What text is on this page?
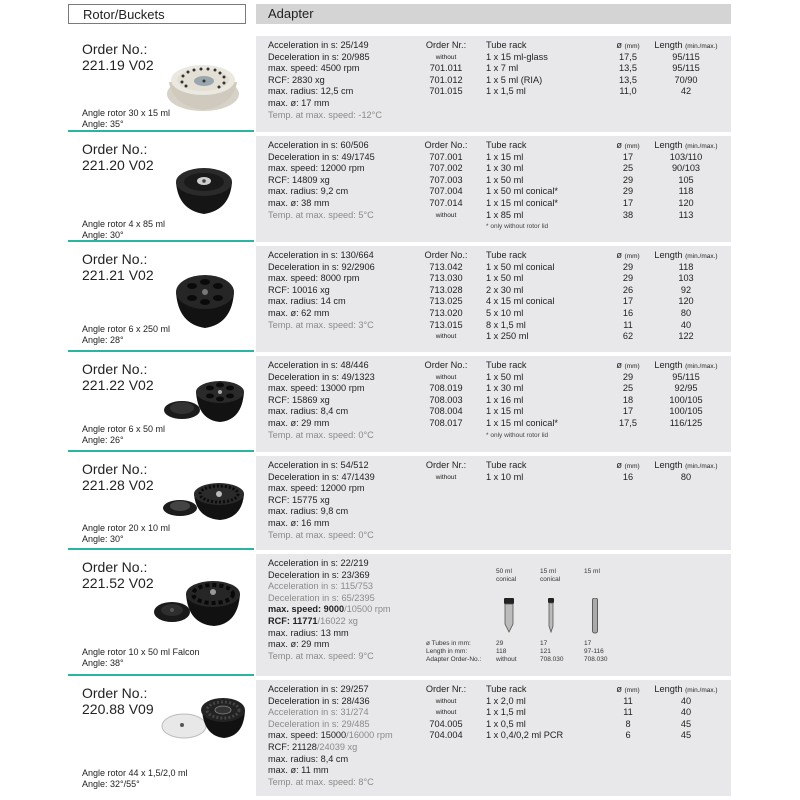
Rotor/Buckets	Adapter
Order No.:
221.19 V02
Angle rotor 30 x 15 ml
Angle: 35°
Acceleration in s: 25/149
Deceleration in s: 20/985
max. speed: 4500 rpm
RCF: 2830 xg
max. radius: 12,5 cm
max. ø: 17 mm
Temp. at max. speed: -12°C
Order Nr.:
without
701.011
701.012
701.015
Tube rack
1 x 15 ml-glass
1 x 7 ml
1 x 5 ml (RIA)
1 x 1,5 ml
ø (mm)
17,5
13,5
13,5
11,0
Length (min./max.)
95/115
95/115
70/90
42
Order No.:
221.20 V02
Angle rotor 4 x 85 ml
Angle: 30°
Acceleration in s: 60/506
Deceleration in s: 49/1745
max. speed: 12000 rpm
RCF: 14809 xg
max. radius: 9,2 cm
max. ø: 38 mm
Temp. at max. speed: 5°C
Order No.:
707.001
707.002
707.003
707.004
707.014
without
Tube rack
1 x 15 ml
1 x 30 ml
1 x 50 ml
1 x 50 ml conical*
1 x 15 ml conical*
1 x 85 ml
* only without rotor lid
ø (mm)
17
25
29
29
17
38
Length (min./max.)
103/110
90/103
105
118
120
113
Order No.:
221.21 V02
Angle rotor 6 x 250 ml
Angle: 28°
Acceleration in s: 130/664
Deceleration in s: 92/2906
max. speed: 8000 rpm
RCF: 10016 xg
max. radius: 14 cm
max. ø: 62 mm
Temp. at max. speed: 3°C
Order No.:
713.042
713.030
713.028
713.025
713.020
713.015
without
Tube rack
1 x 50 ml conical
1 x 50 ml
2 x 30 ml
4 x 15 ml conical
5 x 10 ml
8 x 1,5 ml
1 x 250 ml
ø (mm)
29
29
26
17
16
11
62
Length (min./max.)
118
103
92
120
80
40
122
Order No.:
221.22 V02
Angle rotor 6 x 50 ml
Angle: 26°
Acceleration in s: 48/446
Deceleration in s: 49/1323
max. speed: 13000 rpm
RCF: 15869 xg
max. radius: 8,4 cm
max. ø: 29 mm
Temp. at max. speed: 0°C
Order No.:
without
708.019
708.003
708.004
708.017
Tube rack
1 x 50 ml
1 x 30 ml
1 x 16 ml
1 x 15 ml
1 x 15 ml conical*
* only without rotor lid
ø (mm)
29
25
18
17
17,5
Length (min./max.)
95/115
92/95
100/105
100/105
116/125
Order No.:
221.28 V02
Angle rotor 20 x 10 ml
Angle: 30°
Acceleration in s: 54/512
Deceleration in s: 47/1439
max. speed: 12000 rpm
RCF: 15775 xg
max. radius: 9,8 cm
max. ø: 16 mm
Temp. at max. speed: 0°C
Order Nr.:
without
Tube rack
1 x 10 ml
ø (mm)
16
Length (min./max.)
80
Order No.:
221.52 V02
Angle rotor 10 x 50 ml Falcon
Angle: 38°
Acceleration in s: 22/219
Deceleration in s: 23/369
Acceleration in s: 115/753
Deceleration in s: 65/2395
max. speed: 9000/10500 rpm
RCF: 11771/16022 xg
max. radius: 13 mm
max. ø: 29 mm
Temp. at max. speed: 9°C
ø Tubes in mm:
Length in mm:
Adapter Order-No.:
50 ml
conical
29
118
without
15 ml
conical
17
121
708.030
15 ml
17
97-116
708.030
Order No.:
220.88 V09
Angle rotor 44 x 1,5/2,0 ml
Angle: 32°/55°
Acceleration in s: 29/257
Deceleration in s: 28/436
Acceleration in s: 31/274
Deceleration in s: 29/485
max. speed: 15000/16000 rpm
RCF: 21128/24039 xg
max. radius: 8,4 cm
max. ø: 11 mm
Temp. at max. speed: 8°C
Order Nr.:
without
without
704.005
704.004
Tube rack
1 x 2,0 ml
1 x 1,5 ml
1 x 0,5 ml
1 x 0,4/0,2 ml PCR
ø (mm)
11
11
8
6
Length (min./max.)
40
40
45
45
